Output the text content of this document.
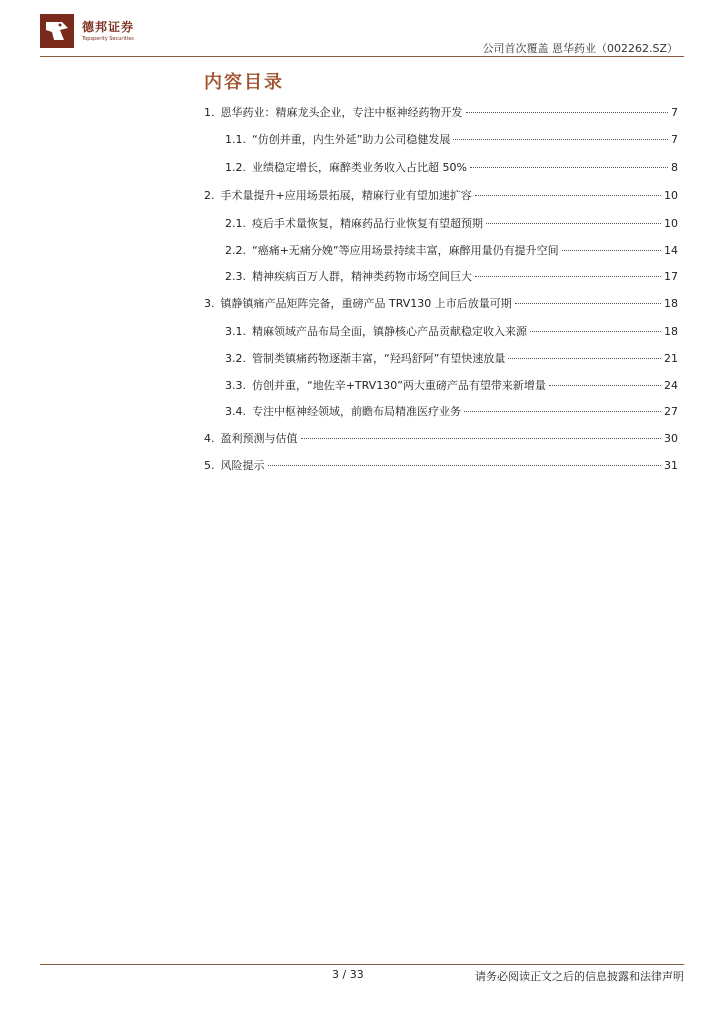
德邦证券
Topsperity Securities
公司首次覆盖 恩华药业（002262.SZ）
内容目录
1. 恩华药业：精麻龙头企业，专注中枢神经药物开发	7
1.1. “仿创并重，内生外延”助力公司稳健发展	7
1.2. 业绩稳定增长，麻醉类业务收入占比超 50%	8
2. 手术量提升+应用场景拓展，精麻行业有望加速扩容	10
2.1. 疫后手术量恢复，精麻药品行业恢复有望超预期	10
2.2. “癌痛+无痛分娩”等应用场景持续丰富，麻醉用量仍有提升空间	14
2.3. 精神疾病百万人群，精神类药物市场空间巨大	17
3. 镇静镇痛产品矩阵完备，重磅产品 TRV130 上市后放量可期	18
3.1. 精麻领域产品布局全面，镇静核心产品贡献稳定收入来源	18
3.2. 管制类镇痛药物逐渐丰富，“羟玛舒阿”有望快速放量	21
3.3. 仿创并重，“地佐辛+TRV130”两大重磅产品有望带来新增量	24
3.4. 专注中枢神经领域，前瞻布局精准医疗业务	27
4. 盈利预测与估值	30
5. 风险提示	31
3 / 33	请务必阅读正文之后的信息披露和法律声明
